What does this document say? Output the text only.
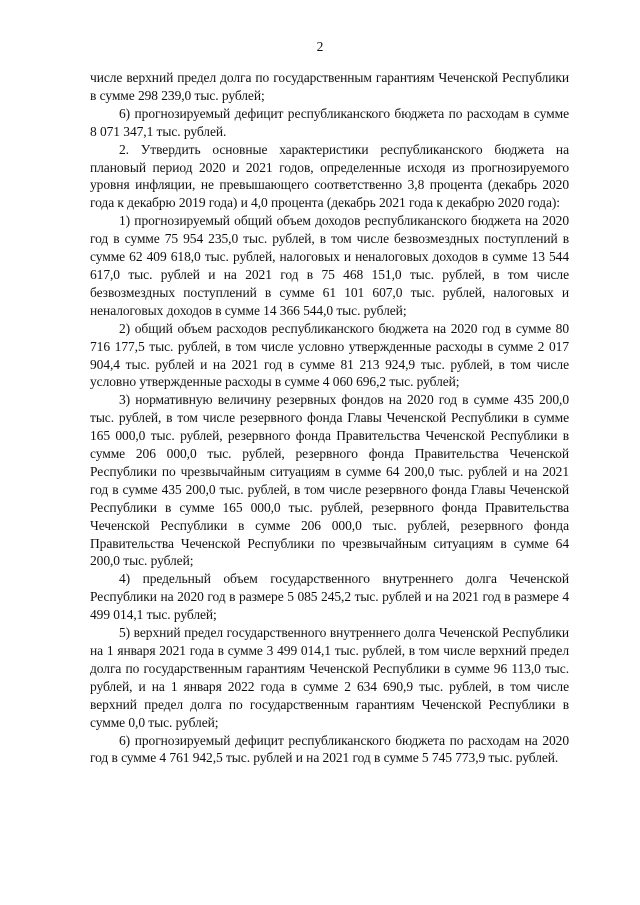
2

числе верхний предел долга по государственным гарантиям Чеченской Республики в сумме 298 239,0 тыс. рублей;

6) прогнозируемый дефицит республиканского бюджета по расходам в сумме 8 071 347,1 тыс. рублей.

2. Утвердить основные характеристики республиканского бюджета на плановый период 2020 и 2021 годов, определенные исходя из прогнозируемого уровня инфляции, не превышающего соответственно 3,8 процента (декабрь 2020 года к декабрю 2019 года) и 4,0 процента (декабрь 2021 года к декабрю 2020 года):

1) прогнозируемый общий объем доходов республиканского бюджета на 2020 год в сумме 75 954 235,0 тыс. рублей, в том числе безвозмездных поступлений в сумме 62 409 618,0 тыс. рублей, налоговых и неналоговых доходов в сумме 13 544 617,0 тыс. рублей и на 2021 год в 75 468 151,0 тыс. рублей, в том числе безвозмездных поступлений в сумме 61 101 607,0 тыс. рублей, налоговых и неналоговых доходов в сумме 14 366 544,0 тыс. рублей;

2) общий объем расходов республиканского бюджета на 2020 год в сумме 80 716 177,5 тыс. рублей, в том числе условно утвержденные расходы в сумме 2 017 904,4 тыс. рублей и на 2021 год в сумме 81 213 924,9 тыс. рублей, в том числе условно утвержденные расходы в сумме 4 060 696,2 тыс. рублей;

3) нормативную величину резервных фондов на 2020 год в сумме 435 200,0 тыс. рублей, в том числе резервного фонда Главы Чеченской Республики в сумме 165 000,0 тыс. рублей, резервного фонда Правительства Чеченской Республики в сумме 206 000,0 тыс. рублей, резервного фонда Правительства Чеченской Республики по чрезвычайным ситуациям в сумме 64 200,0 тыс. рублей и на 2021 год в сумме 435 200,0 тыс. рублей, в том числе резервного фонда Главы Чеченской Республики в сумме 165 000,0 тыс. рублей, резервного фонда Правительства Чеченской Республики в сумме 206 000,0 тыс. рублей, резервного фонда Правительства Чеченской Республики по чрезвычайным ситуациям в сумме 64 200,0 тыс. рублей;

4) предельный объем государственного внутреннего долга Чеченской Республики на 2020 год в размере 5 085 245,2 тыс. рублей и на 2021 год в размере 4 499 014,1 тыс. рублей;

5) верхний предел государственного внутреннего долга Чеченской Республики на 1 января 2021 года в сумме 3 499 014,1 тыс. рублей, в том числе верхний предел долга по государственным гарантиям Чеченской Республики в сумме 96 113,0 тыс. рублей, и на 1 января 2022 года в сумме 2 634 690,9 тыс. рублей, в том числе верхний предел долга по государственным гарантиям Чеченской Республики в сумме 0,0 тыс. рублей;

6) прогнозируемый дефицит республиканского бюджета по расходам на 2020 год в сумме 4 761 942,5 тыс. рублей и на 2021 год в сумме 5 745 773,9 тыс. рублей.
